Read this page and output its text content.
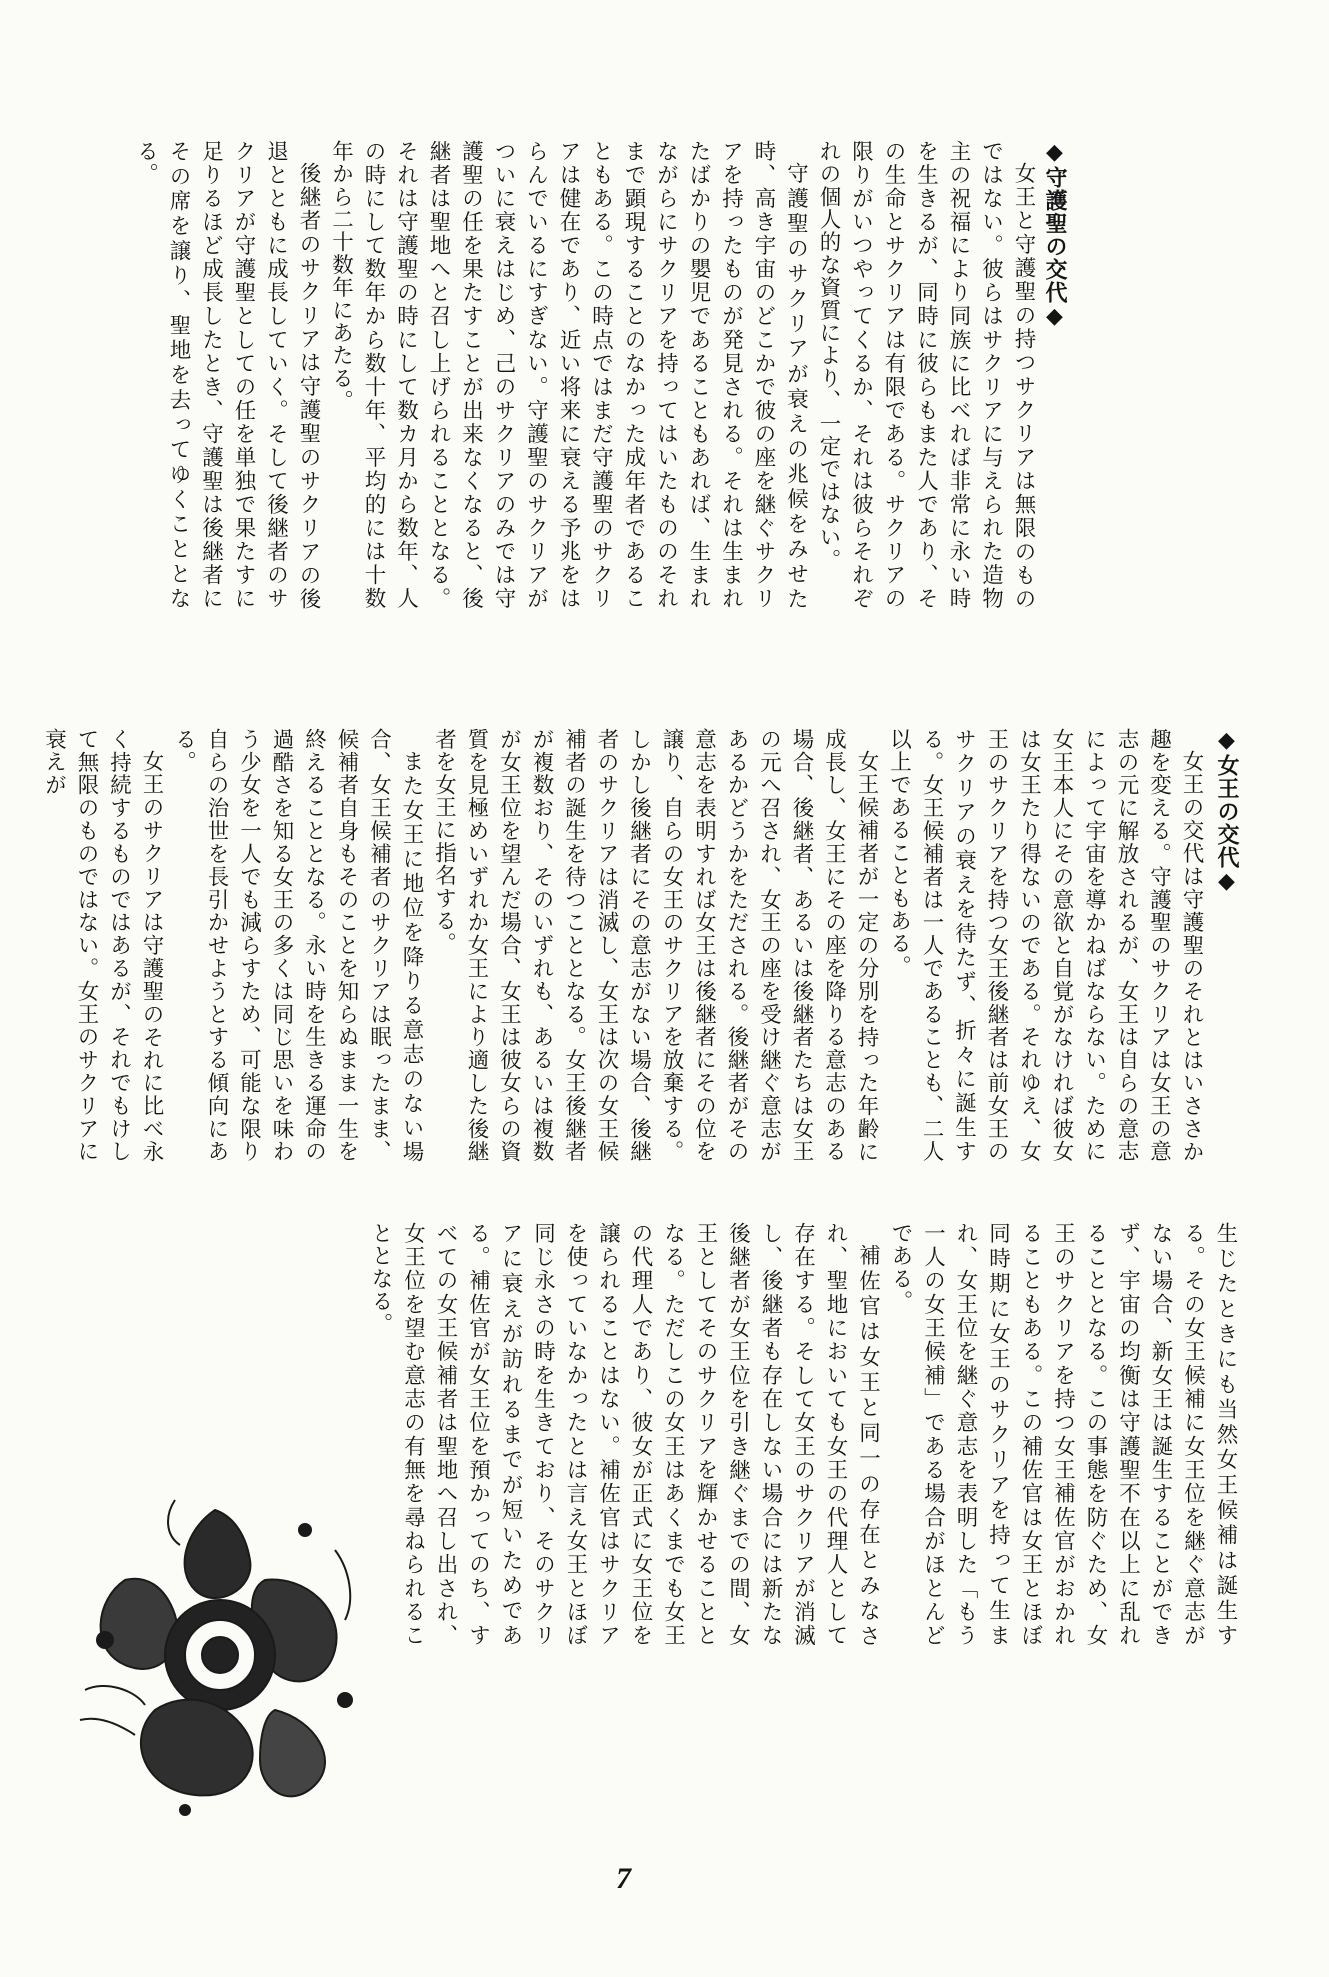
◆守護聖の交代◆

女王と守護聖の持つサクリアは無限のものではない。彼らはサクリアに与えられた造物主の祝福により同族に比べれば非常に永い時を生きるが、同時に彼らもまた人であり、その生命とサクリアは有限である。サクリアの限りがいつやってくるか、それは彼らそれぞれの個人的な資質により、一定ではない。

守護聖のサクリアが衰えの兆候をみせた時、高き宇宙のどこかで彼の座を継ぐサクリアを持ったものが発見される。それは生まれたばかりの嬰児であることもあれば、生まれながらにサクリアを持ってはいたもののそれまで顕現することのなかった成年者であることもある。この時点ではまだ守護聖のサクリアは健在であり、近い将来に衰える予兆をはらんでいるにすぎない。守護聖のサクリアがついに衰えはじめ、己のサクリアのみでは守護聖の任を果たすことが出来なくなると、後継者は聖地へと召し上げられることとなる。それは守護聖の時にして数カ月から数年、人の時にして数年から数十年、平均的には十数年から二十数年にあたる。

後継者のサクリアは守護聖のサクリアの後退とともに成長していく。そして後継者のサクリアが守護聖としての任を単独で果たすに足りるほど成長したとき、守護聖は後継者にその席を譲り、聖地を去ってゆくこととなる。

◆女王の交代◆

女王の交代は守護聖のそれとはいささか趣を変える。守護聖のサクリアは女王の意志の元に解放されるが、女王は自らの意志によって宇宙を導かねばならない。ために女王本人にその意欲と自覚がなければ彼女は女王たり得ないのである。それゆえ、女王のサクリアを持つ女王後継者は前女王のサクリアの衰えを待たず、折々に誕生する。女王候補者は一人であることも、二人以上であることもある。

女王候補者が一定の分別を持った年齢に成長し、女王にその座を降りる意志のある場合、後継者、あるいは後継者たちは女王の元へ召され、女王の座を受け継ぐ意志があるかどうかをただされる。後継者がその意志を表明すれば女王は後継者にその位を譲り、自らの女王のサクリアを放棄する。しかし後継者にその意志がない場合、後継者のサクリアは消滅し、女王は次の女王候補者の誕生を待つこととなる。女王後継者が複数おり、そのいずれも、あるいは複数が女王位を望んだ場合、女王は彼女らの資質を見極めいずれか女王により適した後継者を女王に指名する。

また女王に地位を降りる意志のない場合、女王候補者のサクリアは眠ったまま、候補者自身もそのことを知らぬまま一生を終えることとなる。永い時を生きる運命の過酷さを知る女王の多くは同じ思いを味わう少女を一人でも減らすため、可能な限り自らの治世を長引かせようとする傾向にある。

女王のサクリアは守護聖のそれに比べ永く持続するものではあるが、それでもけして無限のものではない。女王のサクリアに衰えが

生じたときにも当然女王候補は誕生する。その女王候補に女王位を継ぐ意志がない場合、新女王は誕生することができず、宇宙の均衡は守護聖不在以上に乱れることとなる。この事態を防ぐため、女王のサクリアを持つ女王補佐官がおかれることもある。この補佐官は女王とほぼ同時期に女王のサクリアを持って生まれ、女王位を継ぐ意志を表明した「もう一人の女王候補」である場合がほとんどである。

補佐官は女王と同一の存在とみなされ、聖地においても女王の代理人として存在する。そして女王のサクリアが消滅し、後継者も存在しない場合には新たな後継者が女王位を引き継ぐまでの間、女王としてそのサクリアを輝かせることとなる。ただしこの女王はあくまでも女王の代理人であり、彼女が正式に女王位を譲られることはない。補佐官はサクリアを使っていなかったとは言え女王とほぼ同じ永さの時を生きており、そのサクリアに衰えが訪れるまでが短いためである。補佐官が女王位を預かってのち、すべての女王候補者は聖地へ召し出され、女王位を望む意志の有無を尋ねられることとなる。

7
